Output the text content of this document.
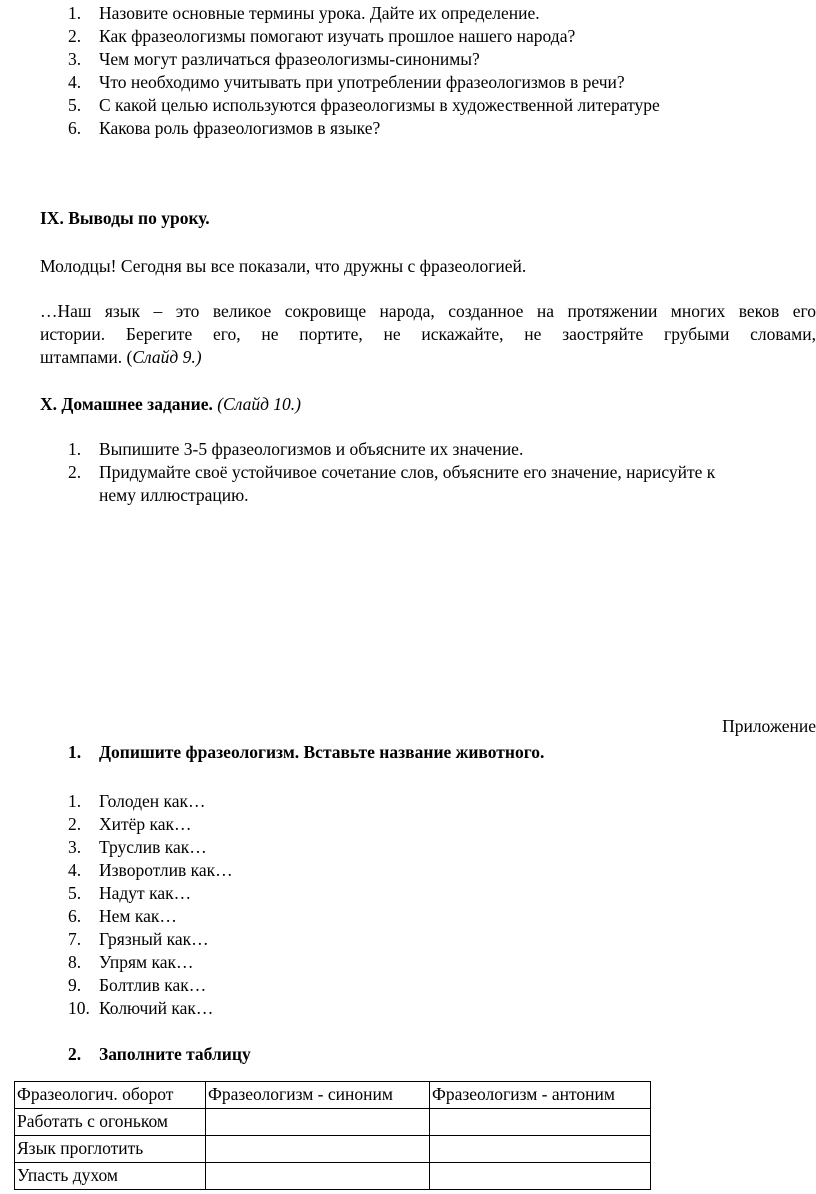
1. Назовите основные термины урока. Дайте их определение.
2. Как фразеологизмы помогают изучать прошлое нашего народа?
3. Чем могут различаться фразеологизмы-синонимы?
4. Что необходимо учитывать при употреблении фразеологизмов в речи?
5. С какой целью используются фразеологизмы в художественной литературе
6. Какова роль фразеологизмов в языке?
IX. Выводы по уроку.
Молодцы! Сегодня вы все показали, что дружны с фразеологией.
…Наш язык – это великое сокровище народа, созданное на протяжении многих веков его
истории. Берегите его, не портите, не искажайте, не заостряйте грубыми словами,
штампами. (Слайд 9.)
X. Домашнее задание. (Слайд 10.)
1. Выпишите 3-5 фразеологизмов и объясните их значение.
2. Придумайте своё устойчивое сочетание слов, объясните его значение, нарисуйте к
нему иллюстрацию.
Приложение
1. Допишите фразеологизм. Вставьте название животного.
1. Голоден как…
2. Хитёр как…
3. Труслив как…
4. Изворотлив как…
5. Надут как…
6. Нем как…
7. Грязный как…
8. Упрям как…
9. Болтлив как…
10. Колючий как…
2. Заполните таблицу
Фразеологич. оборот	Фразеологизм - синоним	Фразеологизм - антоним
Работать с огоньком		
Язык проглотить		
Упасть духом		
